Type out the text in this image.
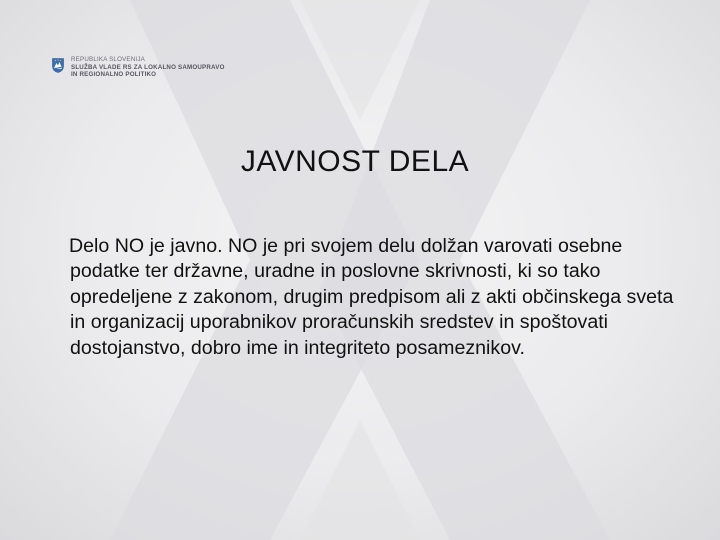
REPUBLIKA SLOVENIJA
SLUŽBA VLADE RS ZA LOKALNO SAMOUPRAVO
IN REGIONALNO POLITIKO
JAVNOST DELA
Delo NO je javno. NO je pri svojem delu dolžan varovati osebne podatke ter državne, uradne in poslovne skrivnosti, ki so tako opredeljene z zakonom, drugim predpisom ali z akti občinskega sveta in organizacij uporabnikov proračunskih sredstev in spoštovati dostojanstvo, dobro ime in integriteto posameznikov.
